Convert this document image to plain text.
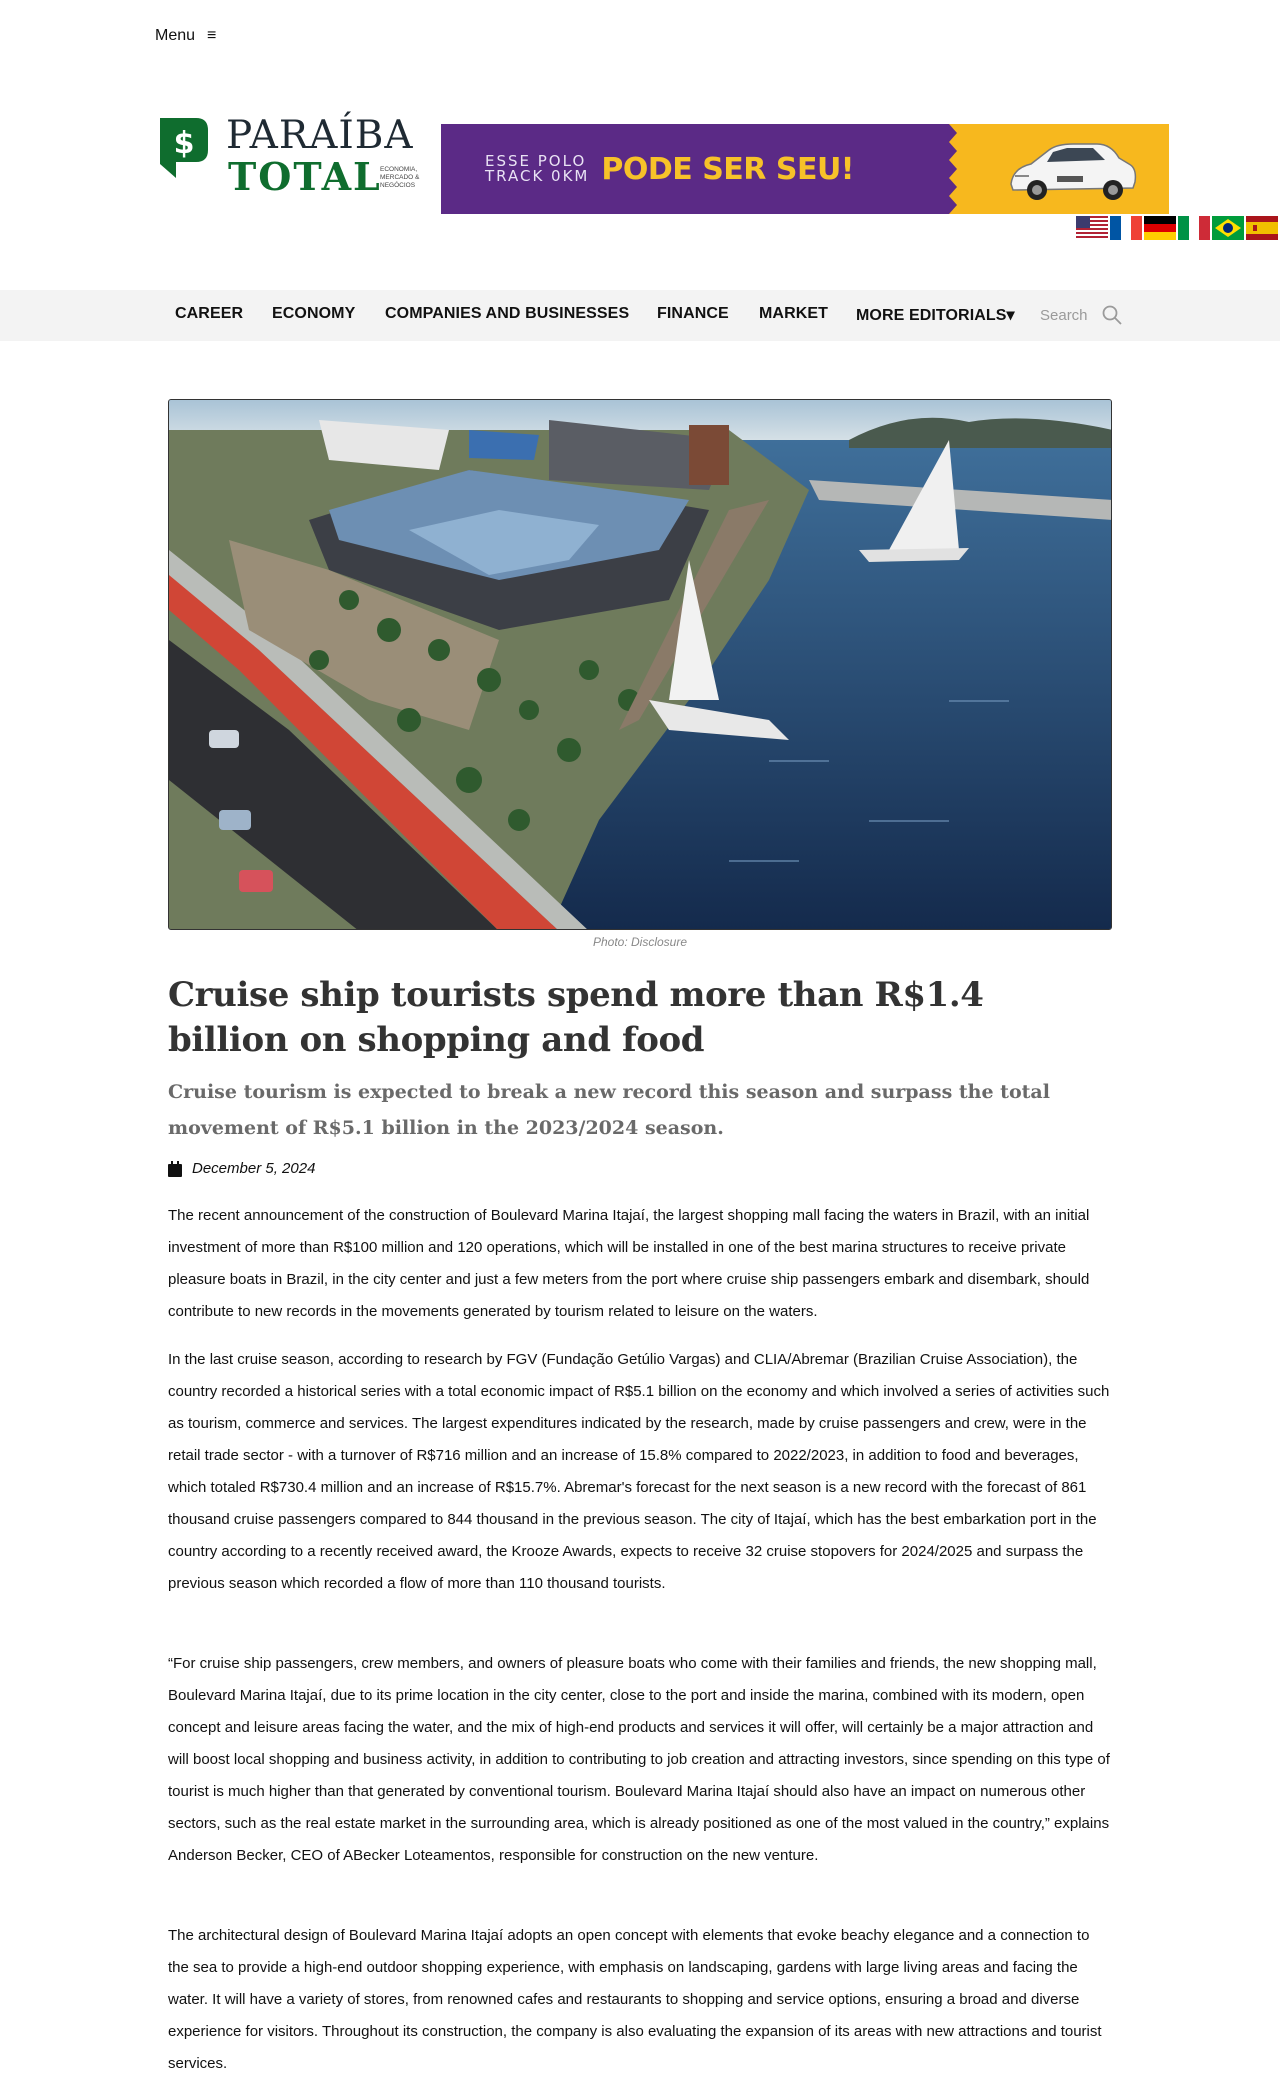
Menu ≡
$ PARAÍBA
TOTAL
ECONOMIA,
MERCADO &
NEGÓCIOS
ESSE POLO
TRACK 0KM PODE SER SEU!
CAREER ECONOMY COMPANIES AND BUSINESSES FINANCE MARKET MORE EDITORIALS▾ Search
Photo: Disclosure
Cruise ship tourists spend more than R$1.4 billion on shopping and food
Cruise tourism is expected to break a new record this season and surpass the total movement of R$5.1 billion in the 2023/2024 season.
December 5, 2024

The recent announcement of the construction of Boulevard Marina Itajaí, the largest shopping mall facing the waters in Brazil, with an initial investment of more than R$100 million and 120 operations, which will be installed in one of the best marina structures to receive private pleasure boats in Brazil, in the city center and just a few meters from the port where cruise ship passengers embark and disembark, should contribute to new records in the movements generated by tourism related to leisure on the waters.

In the last cruise season, according to research by FGV (Fundação Getúlio Vargas) and CLIA/Abremar (Brazilian Cruise Association), the country recorded a historical series with a total economic impact of R$5.1 billion on the economy and which involved a series of activities such as tourism, commerce and services. The largest expenditures indicated by the research, made by cruise passengers and crew, were in the retail trade sector - with a turnover of R$716 million and an increase of 15.8% compared to 2022/2023, in addition to food and beverages, which totaled R$730.4 million and an increase of R$15.7%. Abremar's forecast for the next season is a new record with the forecast of 861 thousand cruise passengers compared to 844 thousand in the previous season. The city of Itajaí, which has the best embarkation port in the country according to a recently received award, the Krooze Awards, expects to receive 32 cruise stopovers for 2024/2025 and surpass the previous season which recorded a flow of more than 110 thousand tourists.

“For cruise ship passengers, crew members, and owners of pleasure boats who come with their families and friends, the new shopping mall, Boulevard Marina Itajaí, due to its prime location in the city center, close to the port and inside the marina, combined with its modern, open concept and leisure areas facing the water, and the mix of high-end products and services it will offer, will certainly be a major attraction and will boost local shopping and business activity, in addition to contributing to job creation and attracting investors, since spending on this type of tourist is much higher than that generated by conventional tourism. Boulevard Marina Itajaí should also have an impact on numerous other sectors, such as the real estate market in the surrounding area, which is already positioned as one of the most valued in the country,” explains Anderson Becker, CEO of ABecker Loteamentos, responsible for construction on the new venture.

The architectural design of Boulevard Marina Itajaí adopts an open concept with elements that evoke beachy elegance and a connection to the sea to provide a high-end outdoor shopping experience, with emphasis on landscaping, gardens with large living areas and facing the water. It will have a variety of stores, from renowned cafes and restaurants to shopping and service options, ensuring a broad and diverse experience for visitors. Throughout its construction, the company is also evaluating the expansion of its areas with new attractions and tourist services.
